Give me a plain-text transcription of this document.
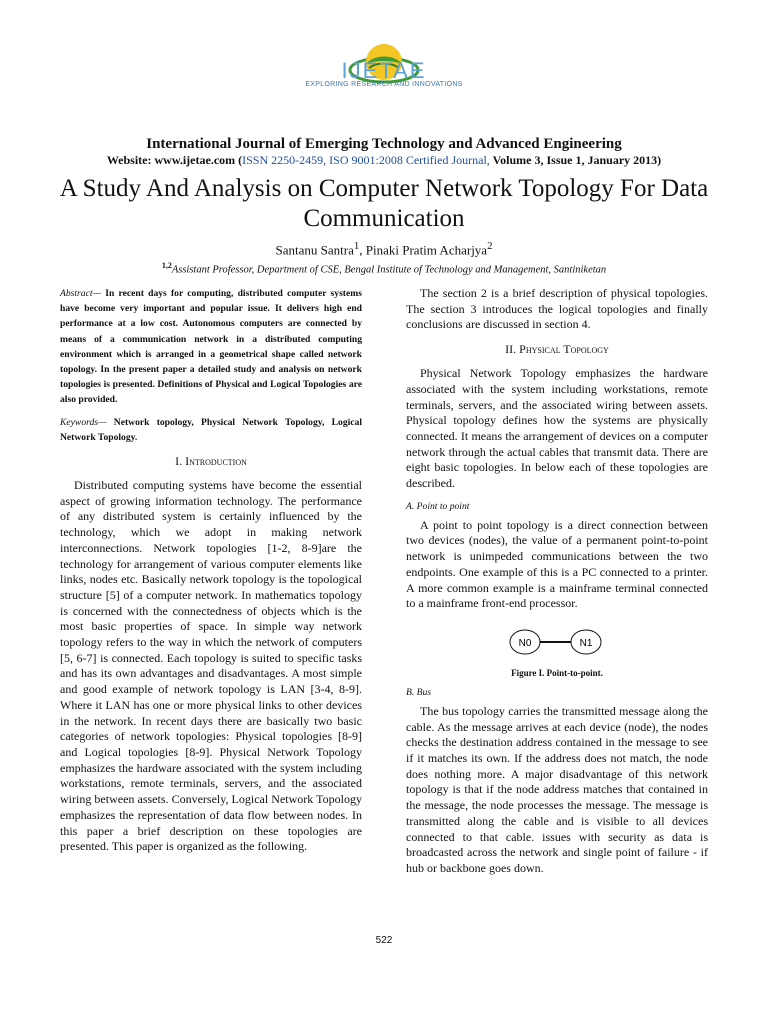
IJETAE
EXPLORING RESEARCH AND INNOVATIONS
International Journal of Emerging Technology and Advanced Engineering
Website: www.ijetae.com (ISSN 2250-2459, ISO 9001:2008 Certified Journal, Volume 3, Issue 1, January 2013)
A Study And Analysis on Computer Network Topology For Data Communication
Santanu Santra$^1$, Pinaki Pratim Acharjya$^2$
$^{1,2}$Assistant Professor, Department of CSE, Bengal Institute of Technology and Management, Santiniketan

Abstract— In recent days for computing, distributed computer systems have become very important and popular issue. It delivers high end performance at a low cost. Autonomous computers are connected by means of a communication network in a distributed computing environment which is arranged in a geometrical shape called network topology. In the present paper a detailed study and analysis on network topologies is presented. Definitions of Physical and Logical Topologies are also provided.

Keywords— Network topology, Physical Network Topology, Logical Network Topology.

I. Introduction

Distributed computing systems have become the essential aspect of growing information technology. The performance of any distributed system is certainly influenced by the technology, which we adopt in making network interconnections. Network topologies [1-2, 8-9]are the technology for arrangement of various computer elements like links, nodes etc. Basically network topology is the topological structure [5] of a computer network. In mathematics topology is concerned with the connectedness of objects which is the most basic properties of space. In simple way network topology refers to the way in which the network of computers [5, 6-7] is connected. Each topology is suited to specific tasks and has its own advantages and disadvantages. A most simple and good example of network topology is LAN [3-4, 8-9]. Where it LAN has one or more physical links to other devices in the network. In recent days there are basically two basic categories of network topologies: Physical topologies [8-9] and Logical topologies [8-9]. Physical Network Topology emphasizes the hardware associated with the system including workstations, remote terminals, servers, and the associated wiring between assets. Conversely, Logical Network Topology emphasizes the representation of data flow between nodes. In this paper a brief description on these topologies are presented. This paper is organized as the following.

The section 2 is a brief description of physical topologies. The section 3 introduces the logical topologies and finally conclusions are discussed in section 4.

II. Physical Topology

Physical Network Topology emphasizes the hardware associated with the system including workstations, remote terminals, servers, and the associated wiring between assets. Physical topology defines how the systems are physically connected. It means the arrangement of devices on a computer network through the actual cables that transmit data. There are eight basic topologies. In below each of these topologies are described.

A. Point to point

A point to point topology is a direct connection between two devices (nodes), the value of a permanent point-to-point network is unimpeded communications between the two endpoints. One example of this is a PC connected to a printer. A more common example is a mainframe terminal connected to a mainframe front-end processor.

N0	N1
Figure I. Point-to-point.
B. Bus

The bus topology carries the transmitted message along the cable. As the message arrives at each device (node), the nodes checks the destination address contained in the message to see if it matches its own. If the address does not match, the node does nothing more. A major disadvantage of this network topology is that if the node address matches that contained in the message, the node processes the message. The message is transmitted along the cable and is visible to all devices connected to that cable. issues with security as data is broadcasted across the network and single point of failure - if hub or backbone goes down.

522
